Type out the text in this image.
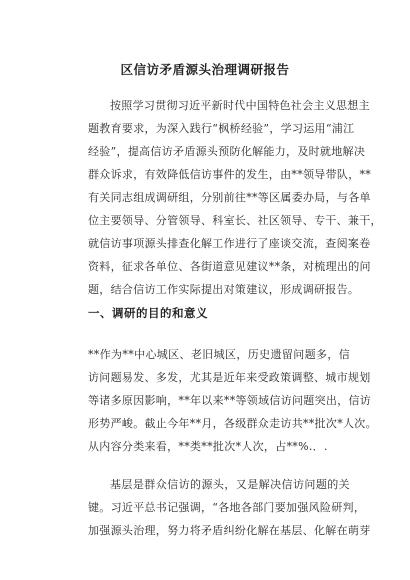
区信访矛盾源头治理调研报告
按照学习贯彻习近平新时代中国特色社会主义思想主
题教育要求，为深入践行“枫桥经验”，学习运用“浦江
经验”，提高信访矛盾源头预防化解能力，及时就地解决
群众诉求，有效降低信访事件的发生，由**领导带队，**
有关同志组成调研组，分别前往**等区属委办局，与各单
位主要领导、分管领导、科室长、社区领导、专干、兼干，
就信访事项源头排查化解工作进行了座谈交流，查阅案卷
资料，征求各单位、各街道意见建议**条，对梳理出的问
题，结合信访工作实际提出对策建议，形成调研报告。
一、调研的目的和意义
**作为**中心城区、老旧城区，历史遗留问题多，信
访问题易发、多发，尤其是近年来受政策调整、城市规划
等诸多原因影响，**年以来**等领域信访问题突出，信访
形势严峻。截止今年**月，各级群众走访共**批次*人次。
从内容分类来看，**类**批次*人次，占**%.．.
基层是群众信访的源头，又是解决信访问题的关
键。习近平总书记强调，“各地各部门要加强风险研判，
加强源头治理，努力将矛盾纠纷化解在基层、化解在萌芽
